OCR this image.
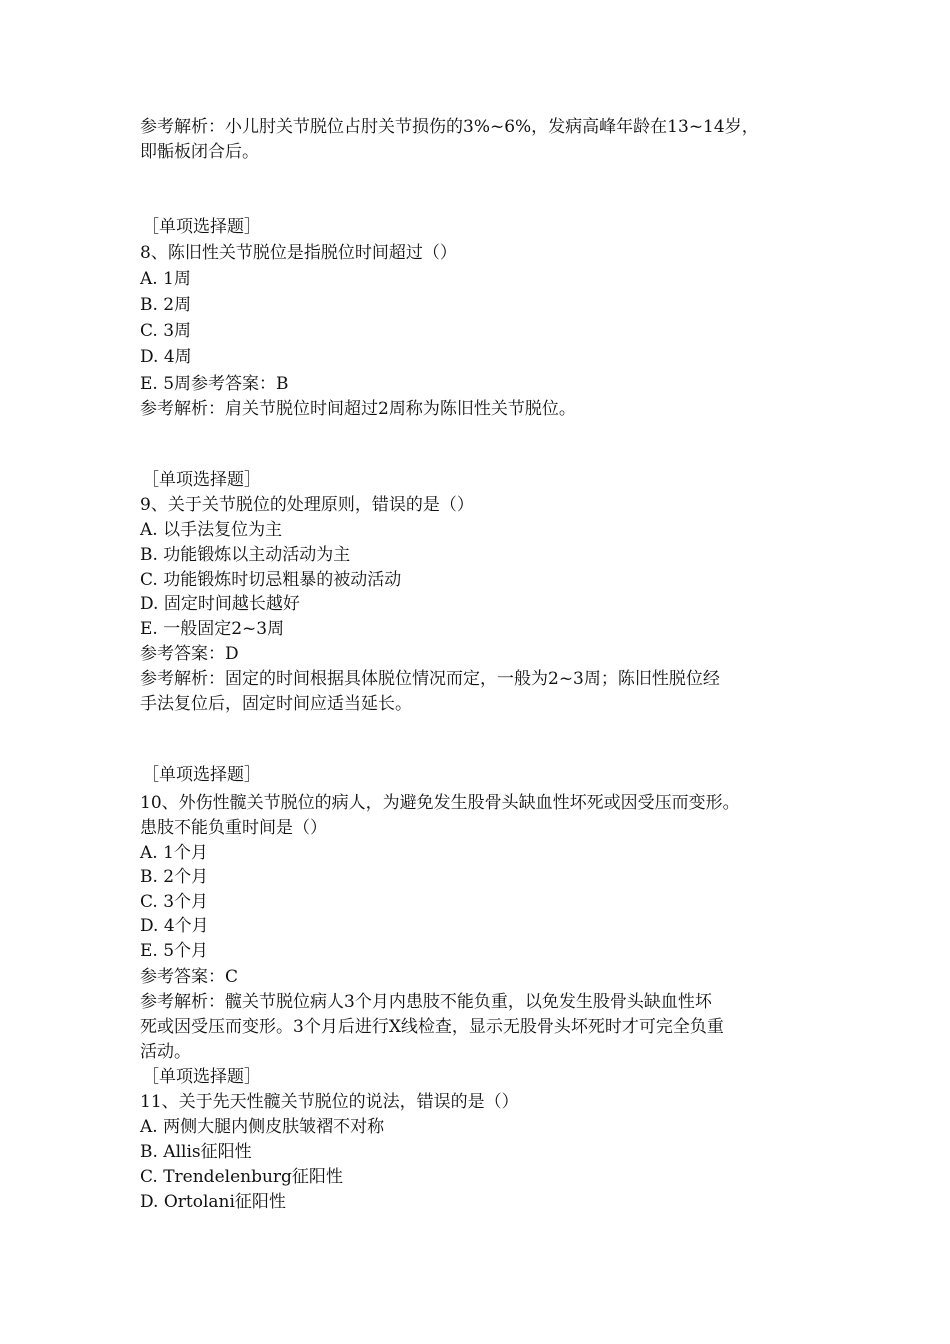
参考解析：小儿肘关节脱位占肘关节损伤的3%~6%，发病高峰年龄在13~14岁，
即骺板闭合后。
［单项选择题］
8、陈旧性关节脱位是指脱位时间超过（）
A. 1周
B. 2周
C. 3周
D. 4周
E. 5周参考答案：B
参考解析：肩关节脱位时间超过2周称为陈旧性关节脱位。
［单项选择题］
9、关于关节脱位的处理原则，错误的是（）
A. 以手法复位为主
B. 功能锻炼以主动活动为主
C. 功能锻炼时切忌粗暴的被动活动
D. 固定时间越长越好
E. 一般固定2~3周
参考答案：D
参考解析：固定的时间根据具体脱位情况而定，一般为2~3周；陈旧性脱位经
手法复位后，固定时间应适当延长。
［单项选择题］
10、外伤性髋关节脱位的病人，为避免发生股骨头缺血性坏死或因受压而变形。
患肢不能负重时间是（）
A. 1个月
B. 2个月
C. 3个月
D. 4个月
E. 5个月
参考答案：C
参考解析：髋关节脱位病人3个月内患肢不能负重，以免发生股骨头缺血性坏
死或因受压而变形。3个月后进行X线检查，显示无股骨头坏死时才可完全负重
活动。
［单项选择题］
11、关于先天性髋关节脱位的说法，错误的是（）
A. 两侧大腿内侧皮肤皱褶不对称
B. Allis征阳性
C. Trendelenburg征阳性
D. Ortolani征阳性
